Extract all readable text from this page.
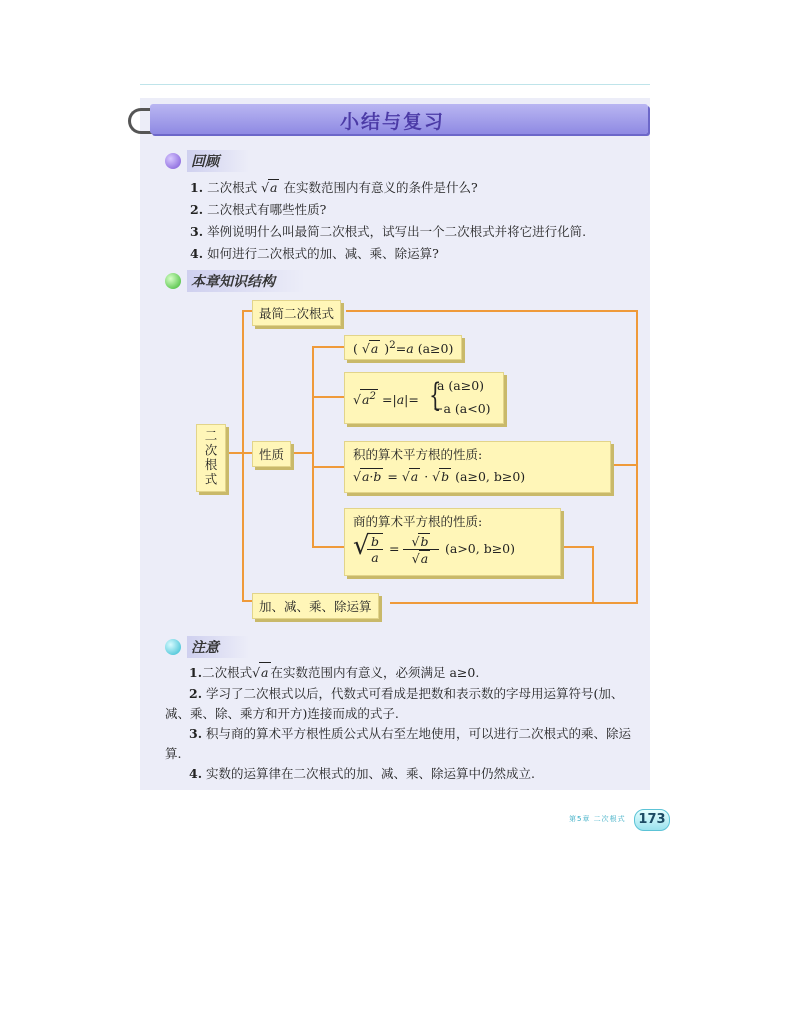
小结与复习
回顾
1. 二次根式 √a 在实数范围内有意义的条件是什么?
2. 二次根式有哪些性质?
3. 举例说明什么叫最简二次根式，试写出一个二次根式并将它进行化简.
4. 如何进行二次根式的加、减、乘、除运算?
本章知识结构
二次根式
最简二次根式
性质
加、减、乘、除运算
( √a )$^2$=a (a≥0)
$√a^2 =|a|=$ {
a (a≥0)
−a (a<0)
积的算术平方根的性质:
√a·b = √a · √b (a≥0, b≥0)
商的算术平方根的性质:
√ b

a
= √b

√a
(a>0, b≥0)
注意
1.二次根式√a 在实数范围内有意义，必须满足 a≥0.
2. 学习了二次根式以后，代数式可看成是把数和表示数的字母用运算符号(加、减、乘、除、乘方和开方)连接而成的式子.
3. 积与商的算术平方根性质公式从右至左地使用，可以进行二次根式的乘、除运算.
4. 实数的运算律在二次根式的加、减、乘、除运算中仍然成立.
第5章 二次根式 173
